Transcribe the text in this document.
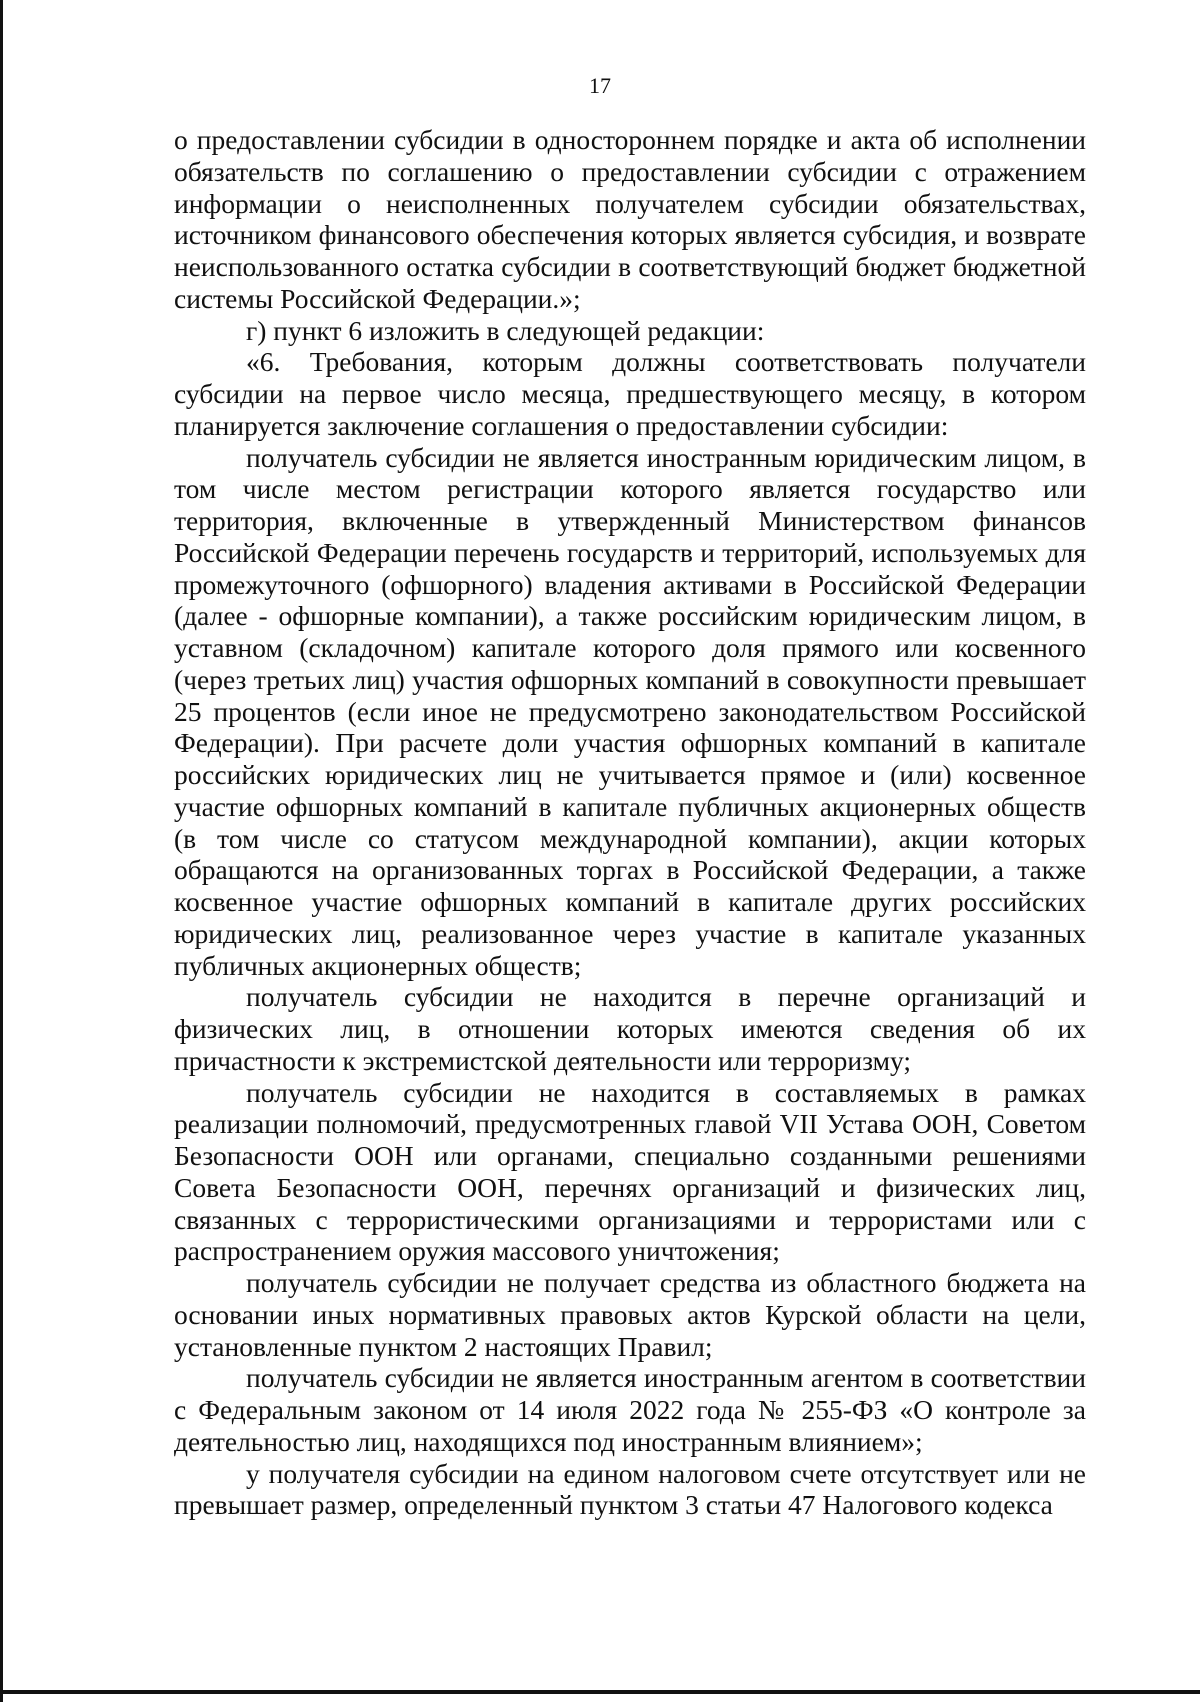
17

о предоставлении субсидии в одностороннем порядке и акта об исполнении обязательств по соглашению о предоставлении субсидии с отражением информации о неисполненных получателем субсидии обязательствах, источником финансового обеспечения которых является субсидия, и возврате неиспользованного остатка субсидии в соответствующий бюджет бюджетной системы Российской Федерации.»;

г) пункт 6 изложить в следующей редакции:

«6. Требования, которым должны соответствовать получатели субсидии на первое число месяца, предшествующего месяцу, в котором планируется заключение соглашения о предоставлении субсидии:

получатель субсидии не является иностранным юридическим лицом, в том числе местом регистрации которого является государство или территория, включенные в утвержденный Министерством финансов Российской Федерации перечень государств и территорий, используемых для промежуточного (офшорного) владения активами в Российской Федерации (далее - офшорные компании), а также российским юридическим лицом, в уставном (складочном) капитале которого доля прямого или косвенного (через третьих лиц) участия офшорных компаний в совокупности превышает 25 процентов (если иное не предусмотрено законодательством Российской Федерации). При расчете доли участия офшорных компаний в капитале российских юридических лиц не учитывается прямое и (или) косвенное участие офшорных компаний в капитале публичных акционерных обществ (в том числе со статусом международной компании), акции которых обращаются на организованных торгах в Российской Федерации, а также косвенное участие офшорных компаний в капитале других российских юридических лиц, реализованное через участие в капитале указанных публичных акционерных обществ;

получатель субсидии не находится в перечне организаций и физических лиц, в отношении которых имеются сведения об их причастности к экстремистской деятельности или терроризму;

получатель субсидии не находится в составляемых в рамках реализации полномочий, предусмотренных главой VII Устава ООН, Советом Безопасности ООН или органами, специально созданными решениями Совета Безопасности ООН, перечнях организаций и физических лиц, связанных с террористическими организациями и террористами или с распространением оружия массового уничтожения;

получатель субсидии не получает средства из областного бюджета на основании иных нормативных правовых актов Курской области на цели, установленные пунктом 2 настоящих Правил;

получатель субсидии не является иностранным агентом в соответствии с Федеральным законом от 14 июля 2022 года № 255-ФЗ «О контроле за деятельностью лиц, находящихся под иностранным влиянием»;

у получателя субсидии на едином налоговом счете отсутствует или не превышает размер, определенный пунктом 3 статьи 47 Налогового кодекса
